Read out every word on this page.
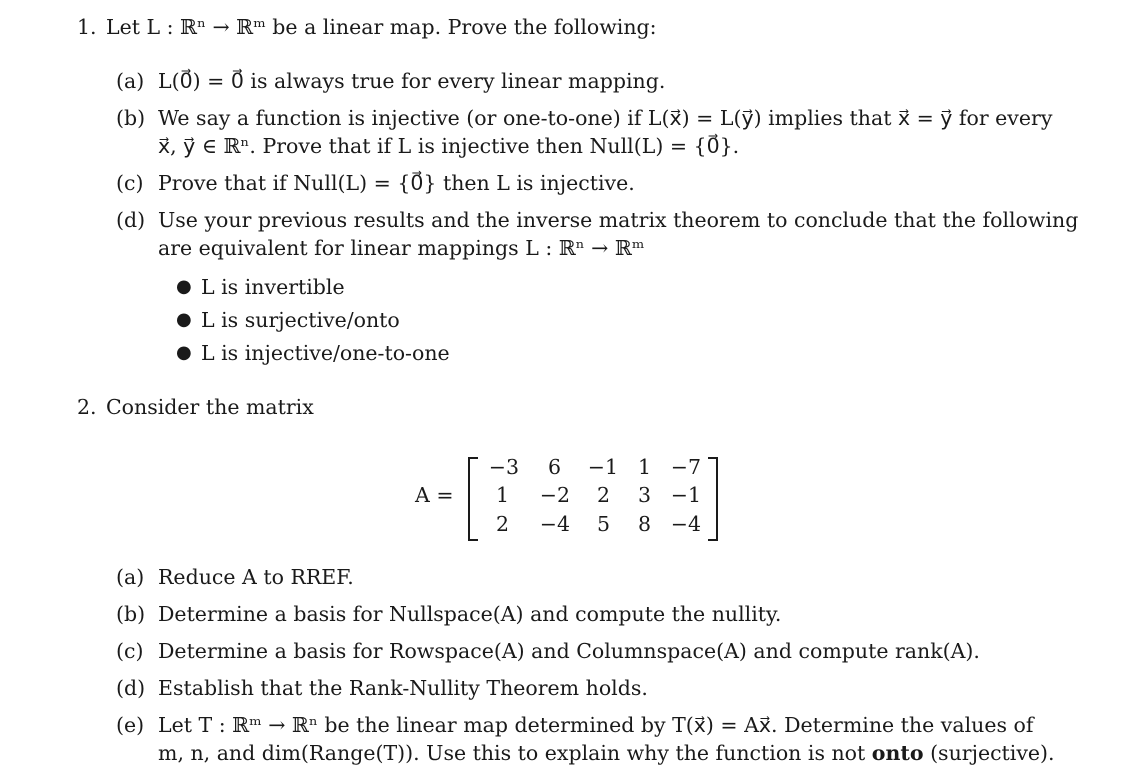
1. Let L : ℝⁿ → ℝᵐ be a linear map. Prove the following:
(a) L(0⃗) = 0⃗ is always true for every linear mapping.
(b) We say a function is injective (or one-to-one) if L(x⃗) = L(y⃗) implies that x⃗ = y⃗ for every
x⃗, y⃗ ∈ ℝⁿ. Prove that if L is injective then Null(L) = {0⃗}.
(c) Prove that if Null(L) = {0⃗} then L is injective.
(d) Use your previous results and the inverse matrix theorem to conclude that the following
are equivalent for linear mappings L : ℝⁿ → ℝᵐ
● L is invertible
● L is surjective/onto
● L is injective/one-to-one
2. Consider the matrix
A =
−3	6	−1 1 −7
1	−2	2	3 −1
2	−4	5	8 −4
(a) Reduce A to RREF.
(b) Determine a basis for Nullspace(A) and compute the nullity.
(c) Determine a basis for Rowspace(A) and Columnspace(A) and compute rank(A).
(d) Establish that the Rank-Nullity Theorem holds.
(e) Let T : ℝᵐ → ℝⁿ be the linear map determined by T(x⃗) = Ax⃗. Determine the values of
m, n, and dim(Range(T)). Use this to explain why the function is not onto (surjective).
